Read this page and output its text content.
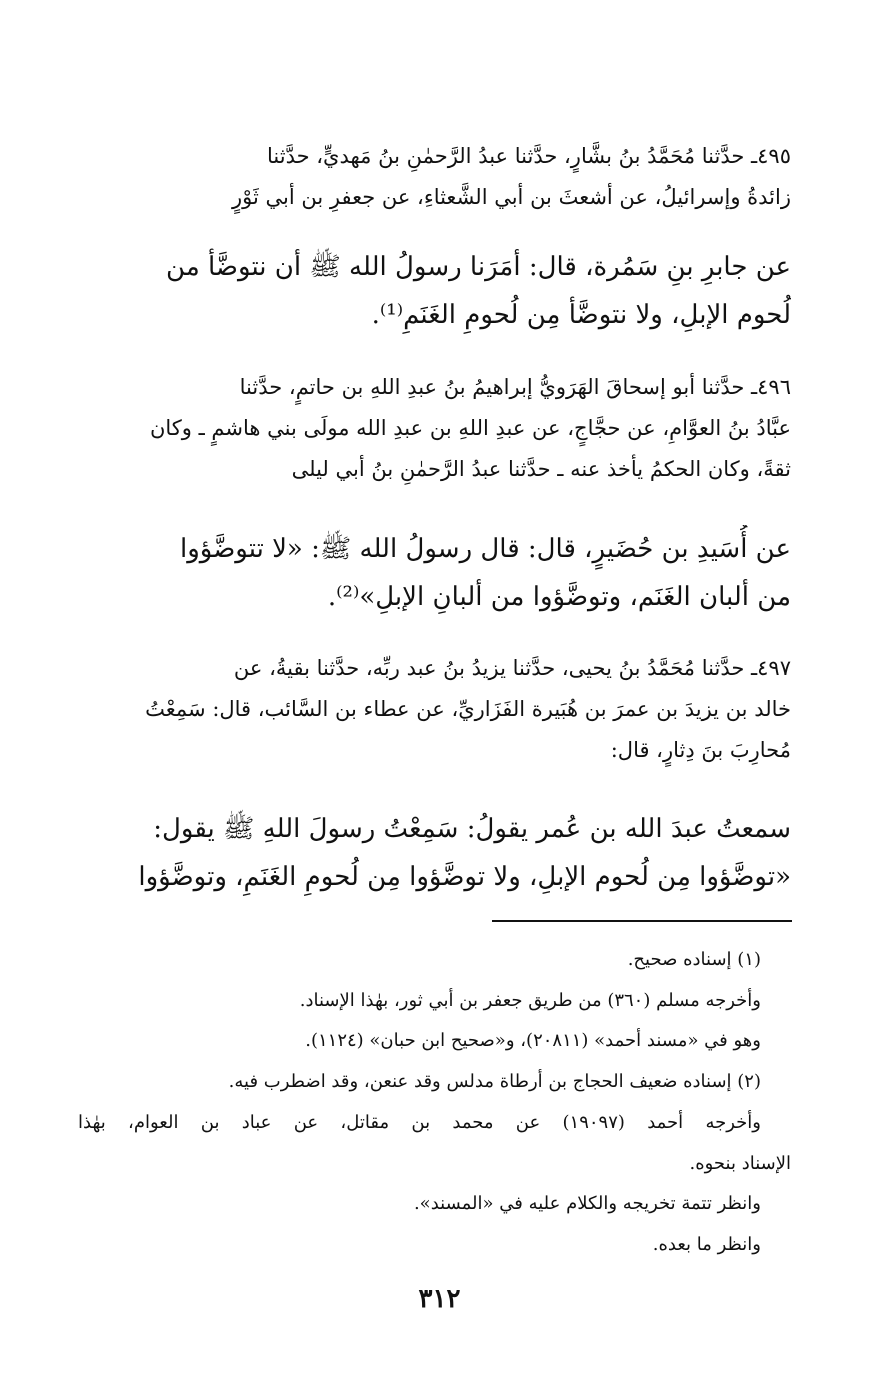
٤٩٥ـ حدَّثنا مُحَمَّدُ بنُ بشَّارٍ، حدَّثنا عبدُ الرَّحمٰنِ بنُ مَهديٍّ، حدَّثنا
زائدةُ وإسرائيلُ، عن أشعثَ بن أبي الشَّعثاءِ، عن جعفرِ بن أبي ثَوْرٍ
عن جابرِ بنِ سَمُرة، قال: أمَرَنا رسولُ الله ﷺ أن نتوضَّأ من
لُحوم الإبلِ، ولا نتوضَّأ مِن لُحومِ الغَنَمِ⁽¹⁾.
٤٩٦ـ حدَّثنا أبو إسحاقَ الهَرَويُّ إبراهيمُ بنُ عبدِ اللهِ بن حاتمٍ، حدَّثنا
عبَّادُ بنُ العوَّامِ، عن حجَّاجٍ، عن عبدِ اللهِ بن عبدِ الله مولَى بني هاشمٍ ـ وكان
ثقةً، وكان الحكمُ يأخذ عنه ـ حدَّثنا عبدُ الرَّحمٰنِ بنُ أبي ليلى
عن أُسَيدِ بن حُضَيرٍ، قال: قال رسولُ الله ﷺ: «لا تتوضَّؤوا
من ألبان الغَنَم، وتوضَّؤوا من ألبانِ الإبلِ»⁽²⁾.
٤٩٧ـ حدَّثنا مُحَمَّدُ بنُ يحيى، حدَّثنا يزيدُ بنُ عبد ربِّه، حدَّثنا بقيةُ، عن
خالد بن يزيدَ بن عمرَ بن هُبَيرة الفَزَاريِّ، عن عطاء بن السَّائب، قال: سَمِعْتُ
مُحارِبَ بنَ دِثارٍ، قال:
سمعتُ عبدَ الله بن عُمر يقولُ: سَمِعْتُ رسولَ اللهِ ﷺ يقول:
«توضَّؤوا مِن لُحوم الإبلِ، ولا توضَّؤوا مِن لُحومِ الغَنَمِ، وتوضَّؤوا
(١) إسناده صحيح.
وأخرجه مسلم (٣٦٠) من طريق جعفر بن أبي ثور، بهٰذا الإسناد.
وهو في «مسند أحمد» (٢٠٨١١)، و«صحيح ابن حبان» (١١٢٤).
(٢) إسناده ضعيف الحجاج بن أرطاة مدلس وقد عنعن، وقد اضطرب فيه.
وأخرجه أحمد (١٩٠٩٧) عن محمد بن مقاتل، عن عباد بن العوام، بهٰذا
الإسناد بنحوه.
وانظر تتمة تخريجه والكلام عليه في «المسند».
وانظر ما بعده.
٣١٢
